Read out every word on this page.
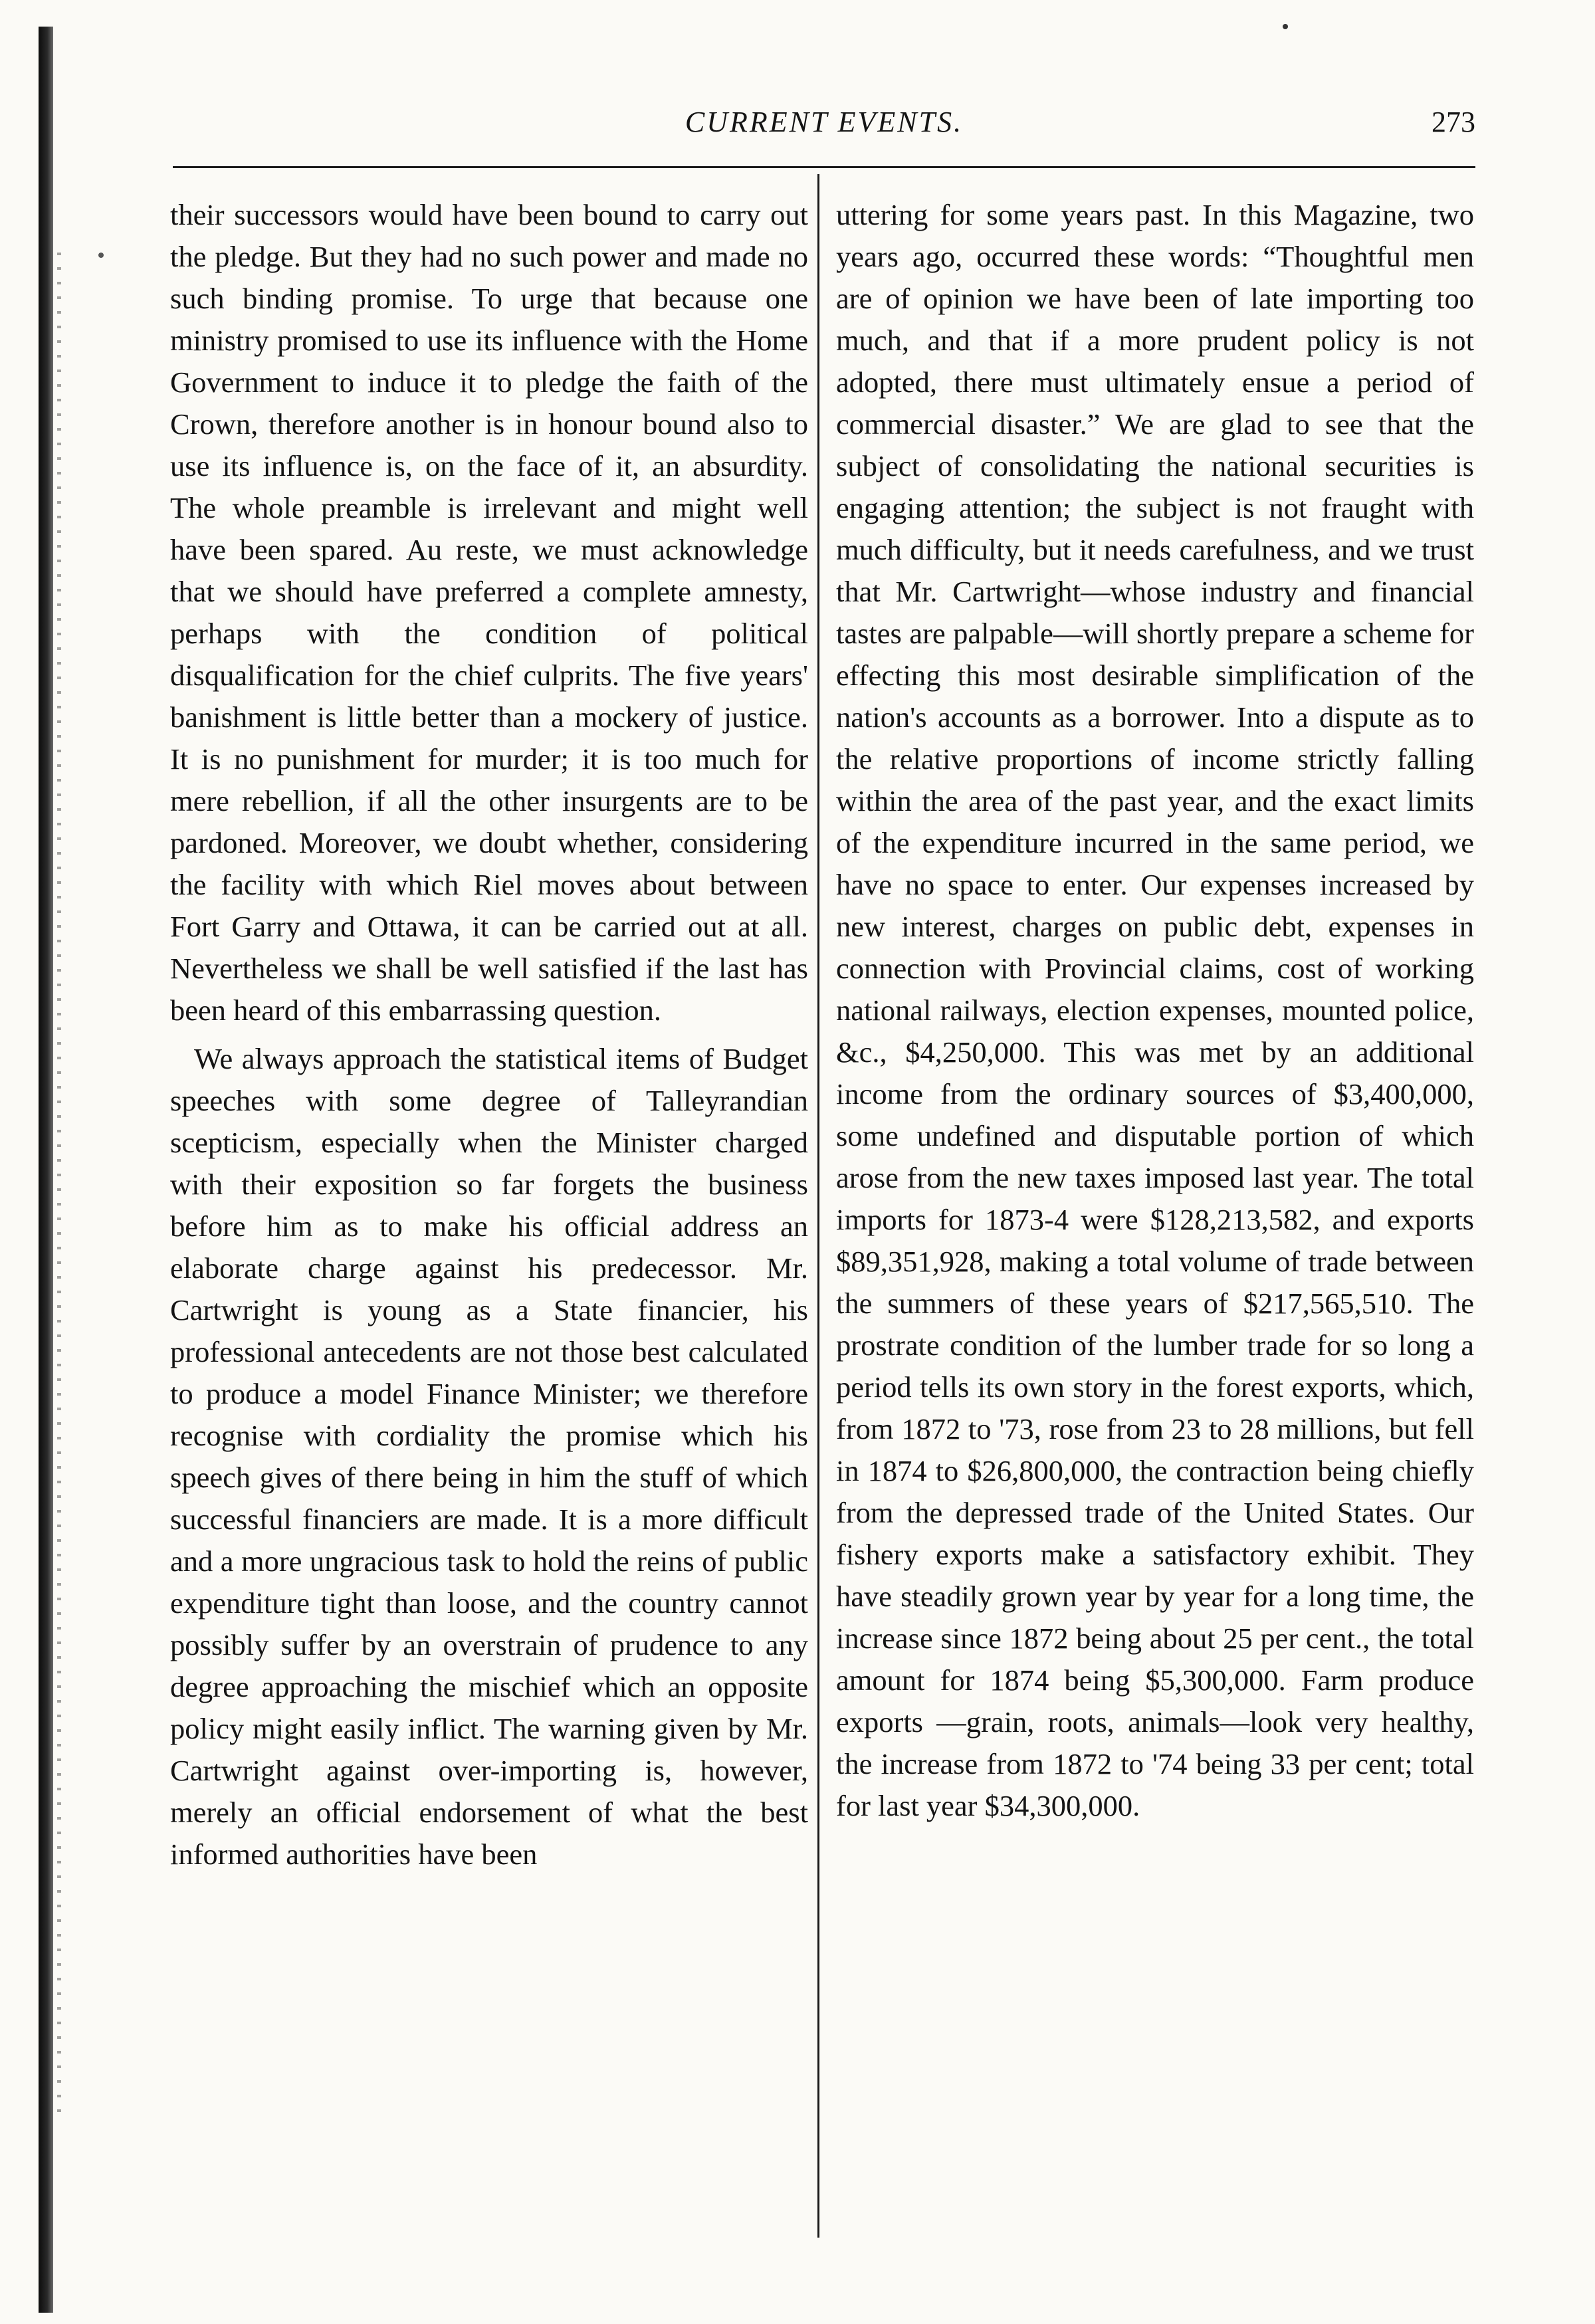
CURRENT EVENTS.	273

their successors would have been bound to carry out the pledge. But they had no such power and made no such binding promise. To urge that because one ministry promised to use its influence with the Home Government to induce it to pledge the faith of the Crown, therefore another is in honour bound also to use its influence is, on the face of it, an absurdity. The whole preamble is irrelevant and might well have been spared. Au reste, we must acknowledge that we should have preferred a complete amnesty, perhaps with the condition of political disqualification for the chief culprits. The five years' banishment is little better than a mockery of justice. It is no punishment for murder; it is too much for mere rebellion, if all the other insurgents are to be pardoned. Moreover, we doubt whether, considering the facility with which Riel moves about between Fort Garry and Ottawa, it can be carried out at all. Nevertheless we shall be well satisfied if the last has been heard of this embarrassing question.

We always approach the statistical items of Budget speeches with some degree of Talleyrandian scepticism, especially when the Minister charged with their exposition so far forgets the business before him as to make his official address an elaborate charge against his predecessor. Mr. Cartwright is young as a State financier, his professional antecedents are not those best calculated to produce a model Finance Minister; we therefore recognise with cordiality the promise which his speech gives of there being in him the stuff of which successful financiers are made. It is a more difficult and a more ungracious task to hold the reins of public expenditure tight than loose, and the country cannot possibly suffer by an overstrain of prudence to any degree approaching the mischief which an opposite policy might easily inflict. The warning given by Mr. Cartwright against over-importing is, however, merely an official endorsement of what the best informed authorities have been

uttering for some years past. In this Magazine, two years ago, occurred these words: “Thoughtful men are of opinion we have been of late importing too much, and that if a more prudent policy is not adopted, there must ultimately ensue a period of commercial disaster.” We are glad to see that the subject of consolidating the national securities is engaging attention; the subject is not fraught with much difficulty, but it needs carefulness, and we trust that Mr. Cartwright—whose industry and financial tastes are palpable—will shortly prepare a scheme for effecting this most desirable simplification of the nation's accounts as a borrower. Into a dispute as to the relative proportions of income strictly falling within the area of the past year, and the exact limits of the expenditure incurred in the same period, we have no space to enter. Our expenses increased by new interest, charges on public debt, expenses in connection with Provincial claims, cost of working national railways, election expenses, mounted police, &c., $4,250,000. This was met by an additional income from the ordinary sources of $3,400,000, some undefined and disputable portion of which arose from the new taxes imposed last year. The total imports for 1873-4 were $128,213,582, and exports $89,351,928, making a total volume of trade between the summers of these years of $217,565,510. The prostrate condition of the lumber trade for so long a period tells its own story in the forest exports, which, from 1872 to '73, rose from 23 to 28 millions, but fell in 1874 to $26,800,000, the contraction being chiefly from the depressed trade of the United States. Our fishery exports make a satisfactory exhibit. They have steadily grown year by year for a long time, the increase since 1872 being about 25 per cent., the total amount for 1874 being $5,300,000. Farm produce exports —grain, roots, animals—look very healthy, the increase from 1872 to '74 being 33 per cent; total for last year $34,300,000.
